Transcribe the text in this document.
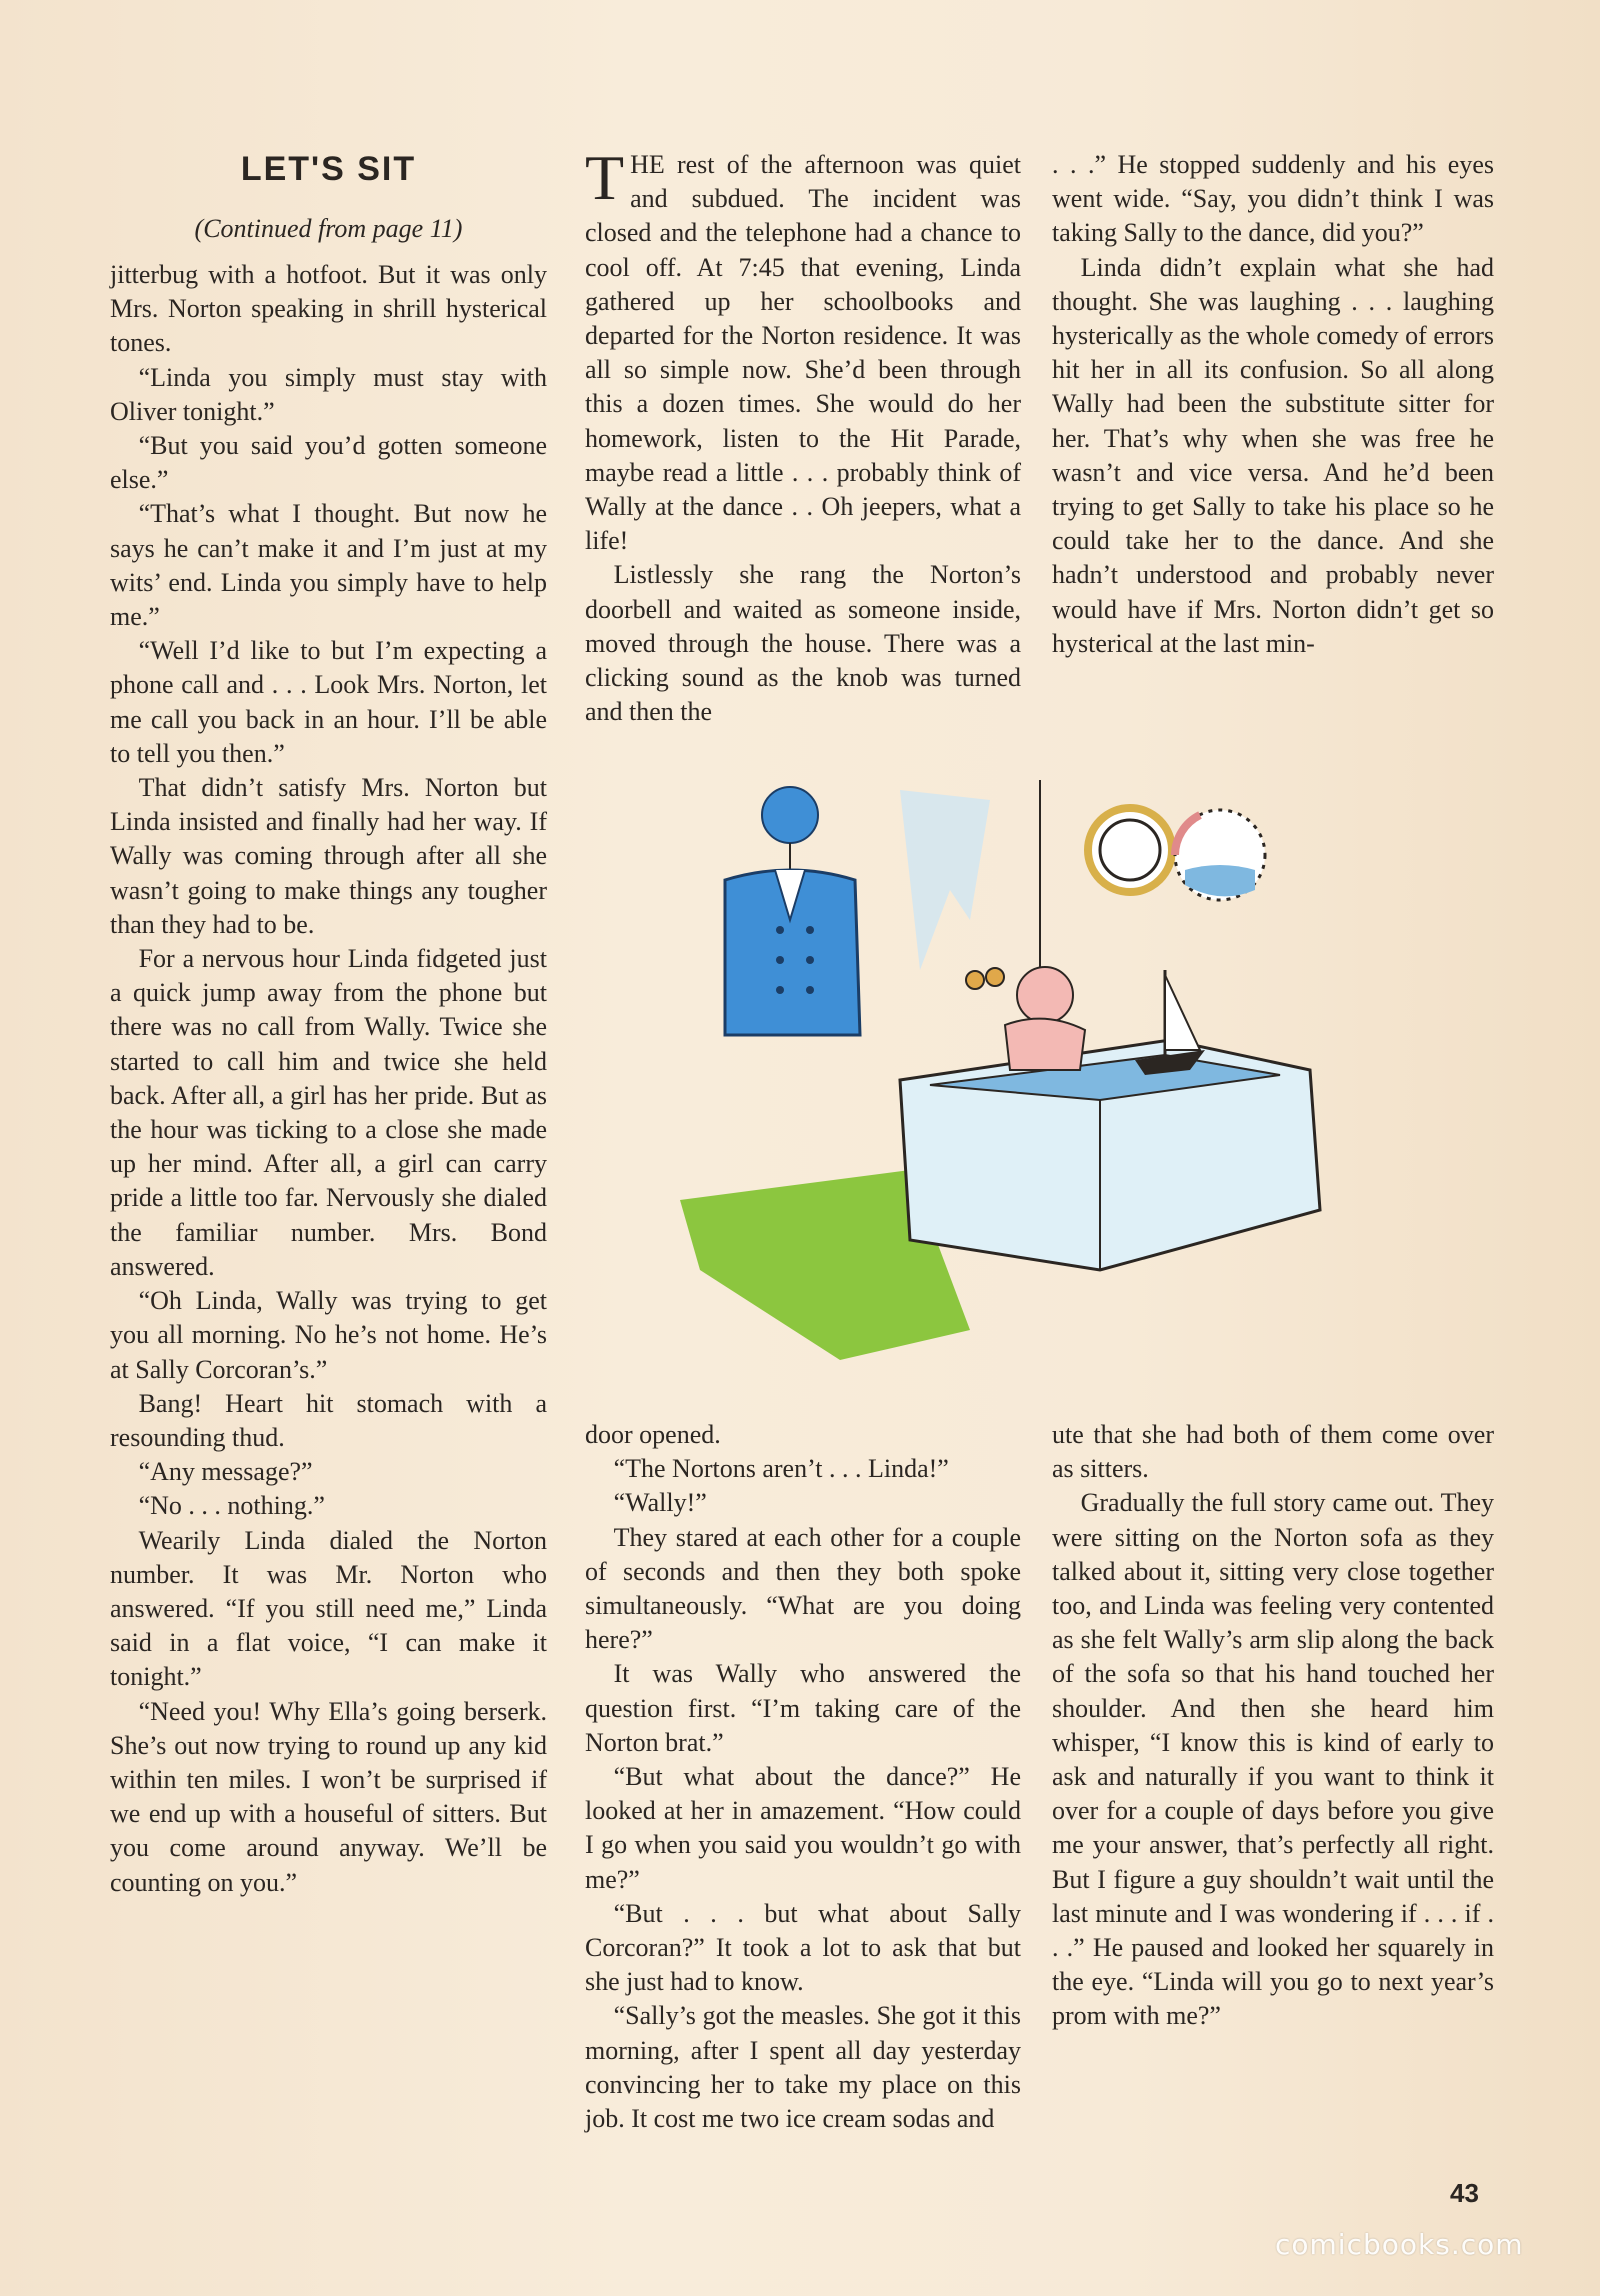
LET'S SIT
(Continued from page 11)

jitterbug with a hotfoot. But it was only Mrs. Norton speaking in shrill hysterical tones.

“Linda you simply must stay with Oliver tonight.”

“But you said you’d gotten someone else.”

“That’s what I thought. But now he says he can’t make it and I’m just at my wits’ end. Linda you simply have to help me.”

“Well I’d like to but I’m expecting a phone call and . . . Look Mrs. Norton, let me call you back in an hour. I’ll be able to tell you then.”

That didn’t satisfy Mrs. Norton but Linda insisted and finally had her way. If Wally was coming through after all she wasn’t going to make things any tougher than they had to be.

For a nervous hour Linda fidgeted just a quick jump away from the phone but there was no call from Wally. Twice she started to call him and twice she held back. After all, a girl has her pride. But as the hour was ticking to a close she made up her mind. After all, a girl can carry pride a little too far. Nervously she dialed the familiar number. Mrs. Bond answered.

“Oh Linda, Wally was trying to get you all morning. No he’s not home. He’s at Sally Corcoran’s.”

Bang! Heart hit stomach with a resounding thud.

“Any message?”

“No . . . nothing.”

Wearily Linda dialed the Norton number. It was Mr. Norton who answered. “If you still need me,” Linda said in a flat voice, “I can make it tonight.”

“Need you! Why Ella’s going berserk. She’s out now trying to round up any kid within ten miles. I won’t be surprised if we end up with a houseful of sitters. But you come around anyway. We’ll be counting on you.”

THE rest of the afternoon was quiet and subdued. The incident was closed and the telephone had a chance to cool off. At 7:45 that evening, Linda gathered up her schoolbooks and departed for the Norton residence. It was all so simple now. She’d been through this a dozen times. She would do her homework, listen to the Hit Parade, maybe read a little . . . probably think of Wally at the dance . . Oh jeepers, what a life!

Listlessly she rang the Norton’s doorbell and waited as someone inside, moved through the house. There was a clicking sound as the knob was turned and then the

. . .” He stopped suddenly and his eyes went wide. “Say, you didn’t think I was taking Sally to the dance, did you?”

Linda didn’t explain what she had thought. She was laughing . . . laughing hysterically as the whole comedy of errors hit her in all its confusion. So all along Wally had been the substitute sitter for her. That’s why when she was free he wasn’t and vice versa. And he’d been trying to get Sally to take his place so he could take her to the dance. And she hadn’t understood and probably never would have if Mrs. Norton didn’t get so hysterical at the last min-

door opened.

“The Nortons aren’t . . . Linda!”

“Wally!”

They stared at each other for a couple of seconds and then they both spoke simultaneously. “What are you doing here?”

It was Wally who answered the question first. “I’m taking care of the Norton brat.”

“But what about the dance?” He looked at her in amazement. “How could I go when you said you wouldn’t go with me?”

“But . . . but what about Sally Corcoran?” It took a lot to ask that but she just had to know.

“Sally’s got the measles. She got it this morning, after I spent all day yesterday convincing her to take my place on this job. It cost me two ice cream sodas and

ute that she had both of them come over as sitters.

Gradually the full story came out. They were sitting on the Norton sofa as they talked about it, sitting very close together too, and Linda was feeling very contented as she felt Wally’s arm slip along the back of the sofa so that his hand touched her shoulder. And then she heard him whisper, “I know this is kind of early to ask and naturally if you want to think it over for a couple of days before you give me your answer, that’s perfectly all right. But I figure a guy shouldn’t wait until the last minute and I was wondering if . . . if . . .” He paused and looked her squarely in the eye. “Linda will you go to next year’s prom with me?”

43
comicbooks.com
